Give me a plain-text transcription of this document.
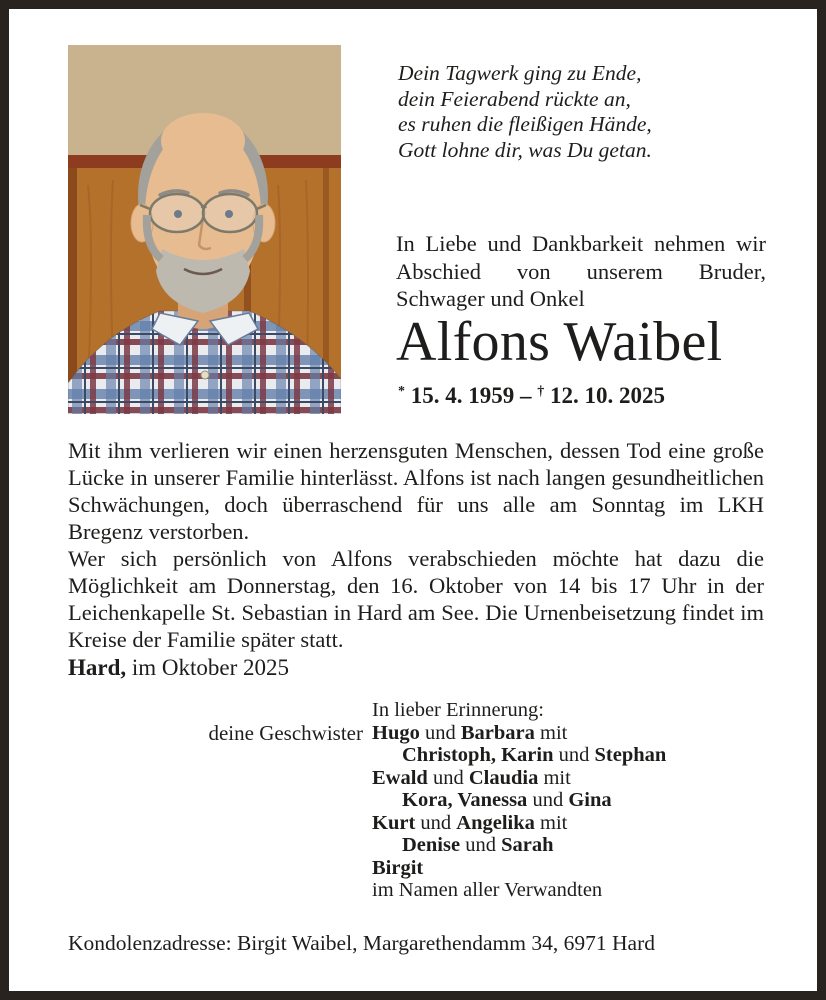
Dein Tagwerk ging zu Ende,
dein Feierabend rückte an,
es ruhen die fleißigen Hände,
Gott lohne dir, was Du getan.
In Liebe und Dankbarkeit nehmen wir Abschied von unserem Bruder, Schwager und Onkel
Alfons Waibel
* 15. 4. 1959 – † 12. 10. 2025
Mit ihm verlieren wir einen herzensguten Menschen, dessen Tod eine große Lücke in unserer Familie hinterlässt. Alfons ist nach langen gesundheitlichen Schwächungen, doch überraschend für uns alle am Sonntag im LKH Bregenz verstorben.
Wer sich persönlich von Alfons verabschieden möchte hat dazu die Möglichkeit am Donnerstag, den 16. Oktober von 14 bis 17 Uhr in der Leichenkapelle St. Sebastian in Hard am See. Die Urnenbeisetzung findet im Kreise der Familie später statt.
Hard, im Oktober 2025
deine Geschwister
In lieber Erinnerung:
Hugo und Barbara mit
Christoph, Karin und Stephan
Ewald und Claudia mit
Kora, Vanessa und Gina
Kurt und Angelika mit
Denise und Sarah
Birgit
im Namen aller Verwandten
Kondolenzadresse: Birgit Waibel, Margarethendamm 34, 6971 Hard
